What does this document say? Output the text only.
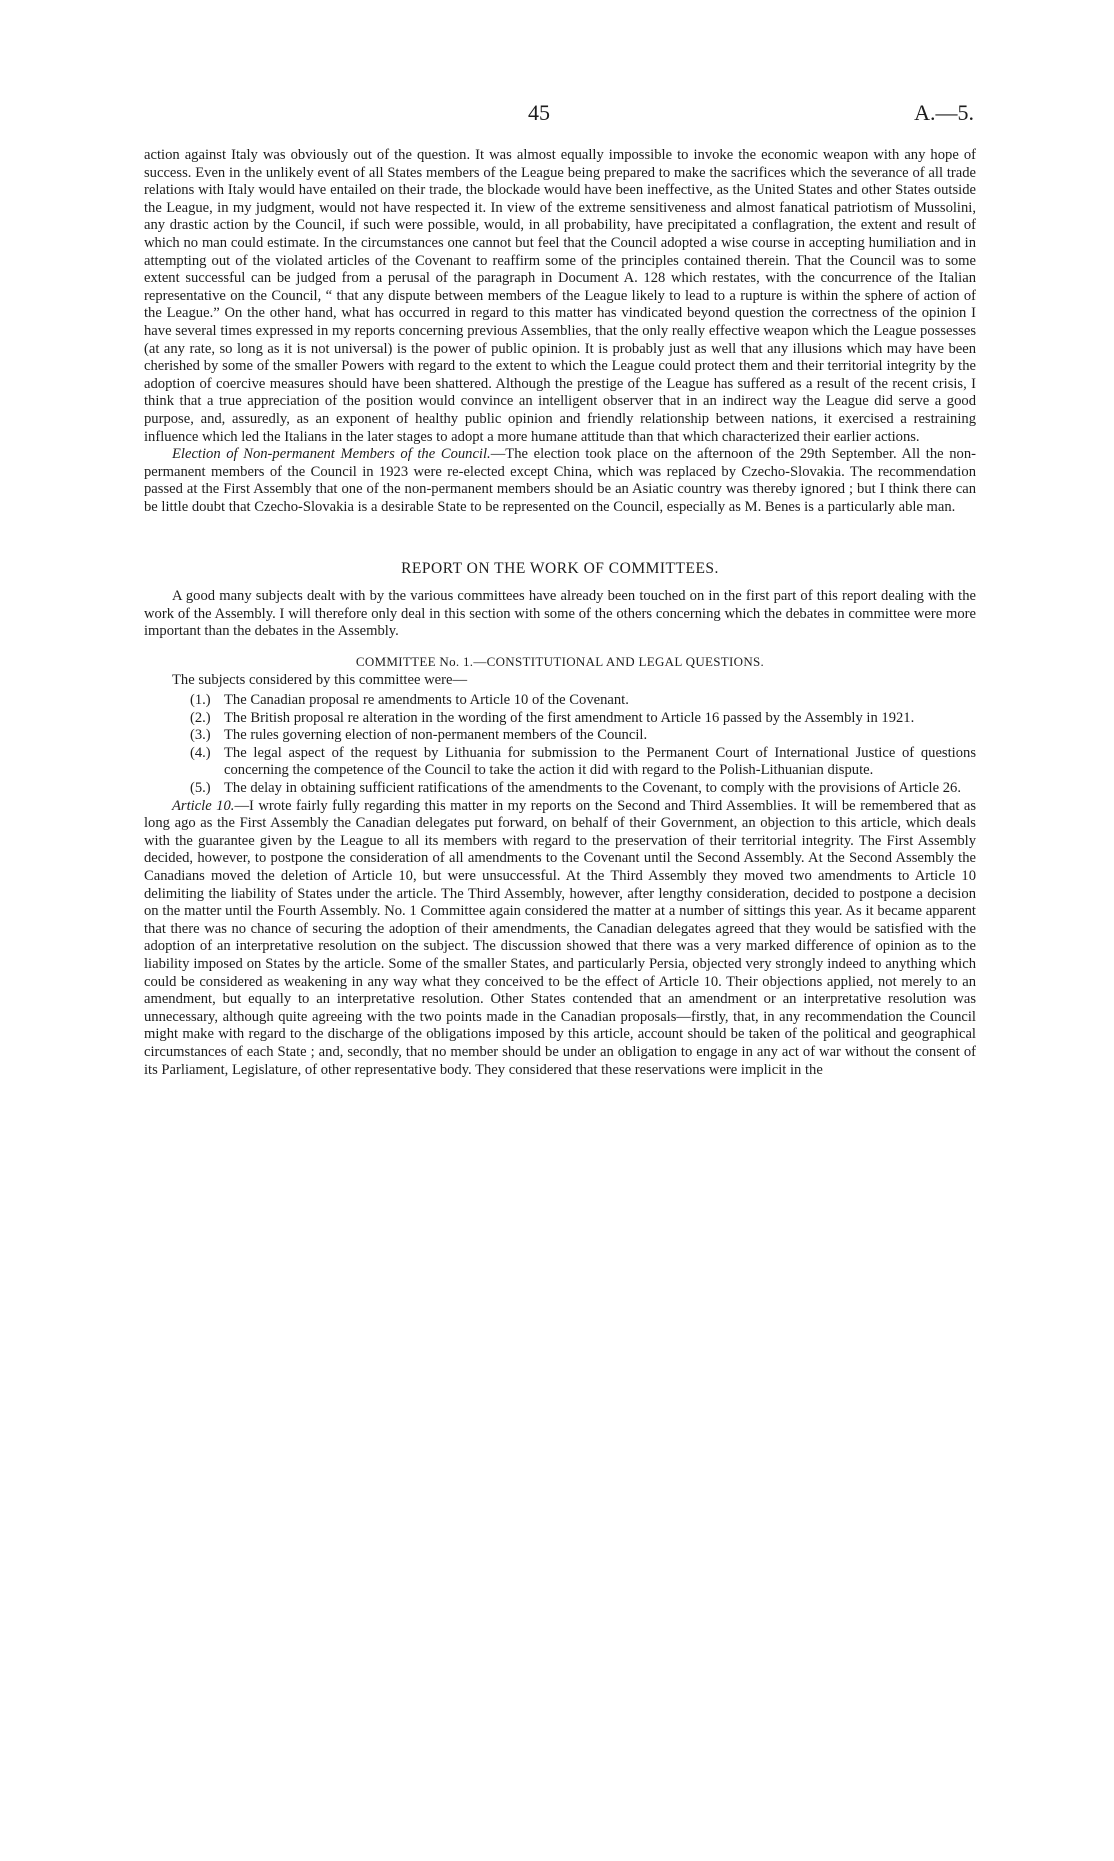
45	A.—5.

action against Italy was obviously out of the question. It was almost equally impossible to invoke the economic weapon with any hope of success. Even in the unlikely event of all States members of the League being prepared to make the sacrifices which the severance of all trade relations with Italy would have entailed on their trade, the blockade would have been ineffective, as the United States and other States outside the League, in my judgment, would not have respected it. In view of the extreme sensitiveness and almost fanatical patriotism of Mussolini, any drastic action by the Council, if such were possible, would, in all probability, have precipitated a conflagration, the extent and result of which no man could estimate. In the circumstances one cannot but feel that the Council adopted a wise course in accepting humiliation and in attempting out of the violated articles of the Covenant to reaffirm some of the principles contained therein. That the Council was to some extent successful can be judged from a perusal of the paragraph in Document A. 128 which restates, with the concurrence of the Italian representative on the Council, “ that any dispute between members of the League likely to lead to a rupture is within the sphere of action of the League.” On the other hand, what has occurred in regard to this matter has vindicated beyond question the correctness of the opinion I have several times expressed in my reports concerning previous Assemblies, that the only really effective weapon which the League possesses (at any rate, so long as it is not universal) is the power of public opinion. It is probably just as well that any illusions which may have been cherished by some of the smaller Powers with regard to the extent to which the League could protect them and their territorial integrity by the adoption of coercive measures should have been shattered. Although the prestige of the League has suffered as a result of the recent crisis, I think that a true appreciation of the position would convince an intelligent observer that in an indirect way the League did serve a good purpose, and, assuredly, as an exponent of healthy public opinion and friendly relationship between nations, it exercised a restraining influence which led the Italians in the later stages to adopt a more humane attitude than that which characterized their earlier actions.

Election of Non-permanent Members of the Council.—The election took place on the afternoon of the 29th September. All the non-permanent members of the Council in 1923 were re-elected except China, which was replaced by Czecho-Slovakia. The recommendation passed at the First Assembly that one of the non-permanent members should be an Asiatic country was thereby ignored ; but I think there can be little doubt that Czecho-Slovakia is a desirable State to be represented on the Council, especially as M. Benes is a particularly able man.

REPORT ON THE WORK OF COMMITTEES.

A good many subjects dealt with by the various committees have already been touched on in the first part of this report dealing with the work of the Assembly. I will therefore only deal in this section with some of the others concerning which the debates in committee were more important than the debates in the Assembly.

COMMITTEE No. 1.—CONSTITUTIONAL AND LEGAL QUESTIONS.

The subjects considered by this committee were—

(1.) The Canadian proposal re amendments to Article 10 of the Covenant.

(2.) The British proposal re alteration in the wording of the first amendment to Article 16 passed by the Assembly in 1921.

(3.) The rules governing election of non-permanent members of the Council.

(4.) The legal aspect of the request by Lithuania for submission to the Permanent Court of International Justice of questions concerning the competence of the Council to take the action it did with regard to the Polish-Lithuanian dispute.

(5.) The delay in obtaining sufficient ratifications of the amendments to the Covenant, to comply with the provisions of Article 26.

Article 10.—I wrote fairly fully regarding this matter in my reports on the Second and Third Assemblies. It will be remembered that as long ago as the First Assembly the Canadian delegates put forward, on behalf of their Government, an objection to this article, which deals with the guarantee given by the League to all its members with regard to the preservation of their territorial integrity. The First Assembly decided, however, to postpone the consideration of all amendments to the Covenant until the Second Assembly. At the Second Assembly the Canadians moved the deletion of Article 10, but were unsuccessful. At the Third Assembly they moved two amendments to Article 10 delimiting the liability of States under the article. The Third Assembly, however, after lengthy consideration, decided to postpone a decision on the matter until the Fourth Assembly. No. 1 Committee again considered the matter at a number of sittings this year. As it became apparent that there was no chance of securing the adoption of their amendments, the Canadian delegates agreed that they would be satisfied with the adoption of an interpretative resolution on the subject. The discussion showed that there was a very marked difference of opinion as to the liability imposed on States by the article. Some of the smaller States, and particularly Persia, objected very strongly indeed to anything which could be considered as weakening in any way what they conceived to be the effect of Article 10. Their objections applied, not merely to an amendment, but equally to an interpretative resolution. Other States contended that an amendment or an interpretative resolution was unnecessary, although quite agreeing with the two points made in the Canadian proposals—firstly, that, in any recommendation the Council might make with regard to the discharge of the obligations imposed by this article, account should be taken of the political and geographical circumstances of each State ; and, secondly, that no member should be under an obligation to engage in any act of war without the consent of its Parliament, Legislature, of other representative body. They considered that these reservations were implicit in the
